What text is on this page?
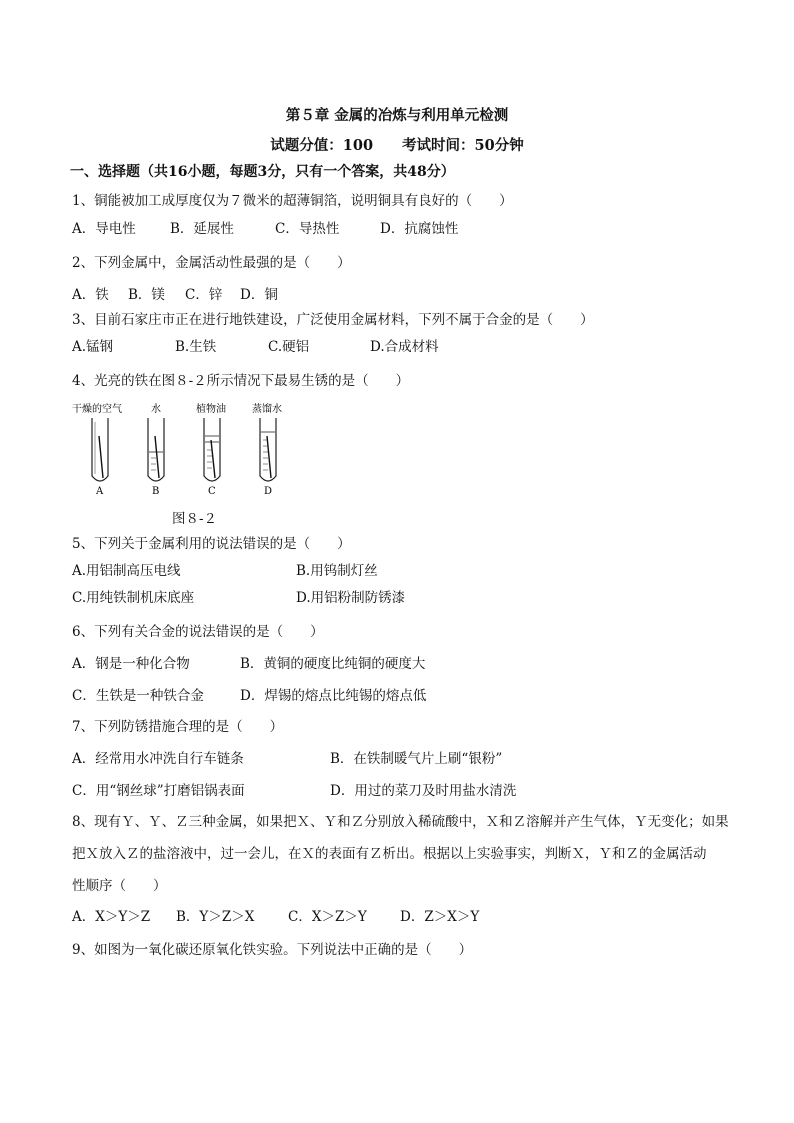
第５章 金属的冶炼与利用单元检测
试题分值：100　　考试时间：50分钟
一、选择题（共16小题，每题3分，只有一个答案，共48分）
1、铜能被加工成厚度仅为７微米的超薄铜箔，说明铜具有良好的（　　）
A．导电性	B．延展性	C．导热性	D．抗腐蚀性
2、下列金属中，金属活动性最强的是（　　）
A．铁 B．镁 C．锌 D．铜
3、目前石家庄市正在进行地铁建设，广泛使用金属材料，下列不属于合金的是（　　）
A.锰钢	B.生铁	C.硬铝	D.合成材料
4、光亮的铁在图８-２所示情况下最易生锈的是（　　）
干燥的空气	水	植物油	蒸馏水
A	B	C	D
图８-２
5、下列关于金属利用的说法错误的是（　　）
A.用铝制高压电线	B.用钨制灯丝
C.用纯铁制机床底座	D.用铝粉制防锈漆
6、下列有关合金的说法错误的是（　　）
A．钢是一种化合物	B．黄铜的硬度比纯铜的硬度大
C．生铁是一种铁合金	D．焊锡的熔点比纯锡的熔点低
7、下列防锈措施合理的是（　　）
A．经常用水冲洗自行车链条	B．在铁制暖气片上刷“银粉”
C．用“钢丝球”打磨铝锅表面	D．用过的菜刀及时用盐水清洗
8、现有Ｙ、Ｙ、Ｚ三种金属，如果把Ｘ、Ｙ和Ｚ分别放入稀硫酸中，Ｘ和Ｚ溶解并产生气体，Ｙ无变化；如果
把Ｘ放入Ｚ的盐溶液中，过一会儿，在Ｘ的表面有Ｚ析出。根据以上实验事实，判断Ｘ，Ｙ和Ｚ的金属活动
性顺序（　　）
A．X＞Y＞Z B．Y＞Z＞X C．X＞Z＞Y D．Z＞X＞Y
9、如图为一氧化碳还原氧化铁实验。下列说法中正确的是（　　）
